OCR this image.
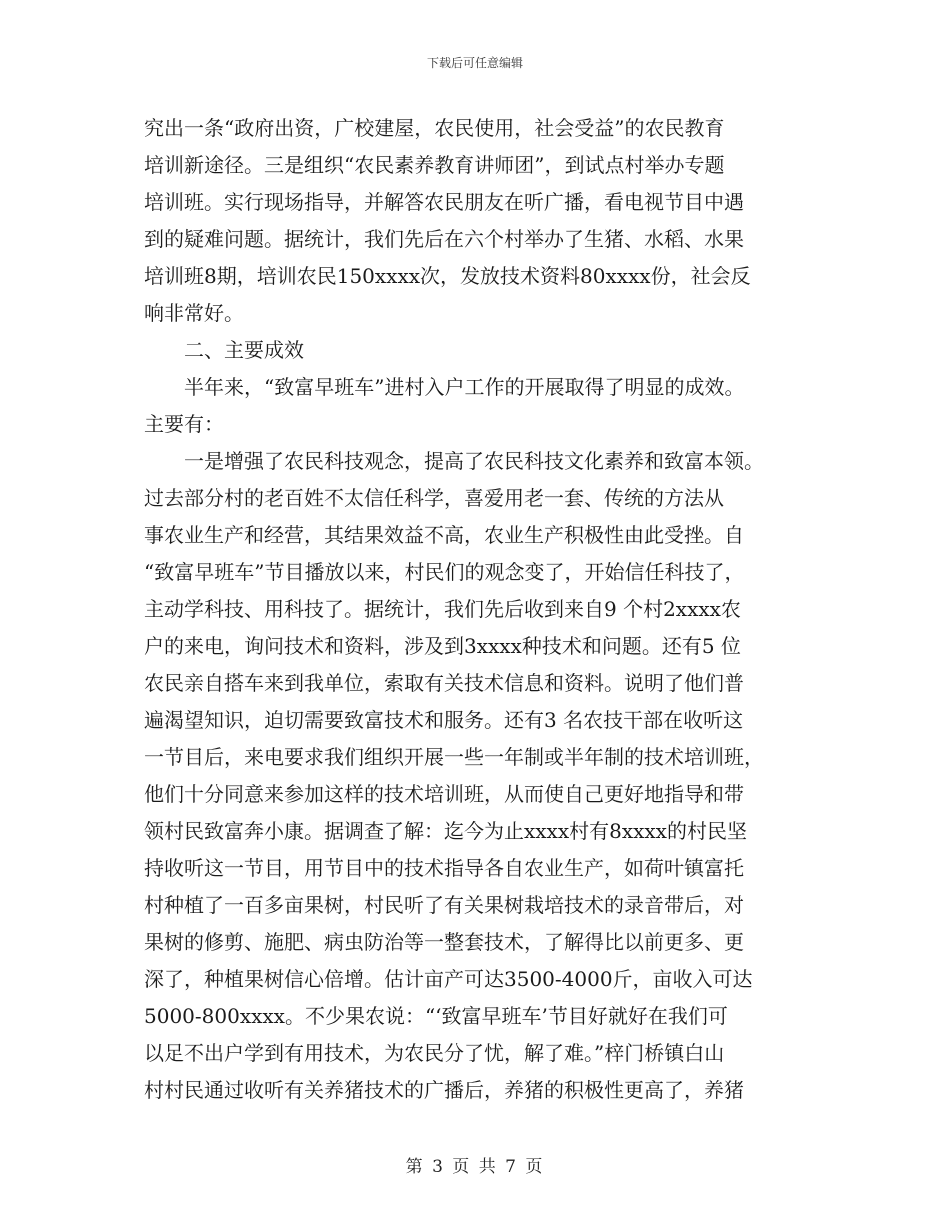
下载后可任意编辑
究出一条“政府出资，广校建屋，农民使用，社会受益”的农民教育
培训新途径。三是组织“农民素养教育讲师团”，到试点村举办专题
培训班。实行现场指导，并解答农民朋友在听广播，看电视节目中遇
到的疑难问题。据统计，我们先后在六个村举办了生猪、水稻、水果
培训班8期，培训农民150xxxx次，发放技术资料80xxxx份，社会反
响非常好。
二、主要成效
半年来，“致富早班车”进村入户工作的开展取得了明显的成效。
主要有：
一是增强了农民科技观念，提高了农民科技文化素养和致富本领。
过去部分村的老百姓不太信任科学，喜爱用老一套、传统的方法从
事农业生产和经营，其结果效益不高，农业生产积极性由此受挫。自
“致富早班车”节目播放以来，村民们的观念变了，开始信任科技了，
主动学科技、用科技了。据统计，我们先后收到来自9 个村2xxxx农
户的来电，询问技术和资料，涉及到3xxxx种技术和问题。还有5 位
农民亲自搭车来到我单位，索取有关技术信息和资料。说明了他们普
遍渴望知识，迫切需要致富技术和服务。还有3 名农技干部在收听这
一节目后，来电要求我们组织开展一些一年制或半年制的技术培训班，
他们十分同意来参加这样的技术培训班，从而使自己更好地指导和带
领村民致富奔小康。据调查了解：迄今为止xxxx村有8xxxx的村民坚
持收听这一节目，用节目中的技术指导各自农业生产，如荷叶镇富托
村种植了一百多亩果树，村民听了有关果树栽培技术的录音带后，对
果树的修剪、施肥、病虫防治等一整套技术，了解得比以前更多、更
深了，种植果树信心倍增。估计亩产可达3500-4000斤，亩收入可达
5000-800xxxx。不少果农说：“‘致富早班车’节目好就好在我们可
以足不出户学到有用技术，为农民分了忧，解了难。”梓门桥镇白山
村村民通过收听有关养猪技术的广播后，养猪的积极性更高了，养猪
第 3 页 共 7 页
